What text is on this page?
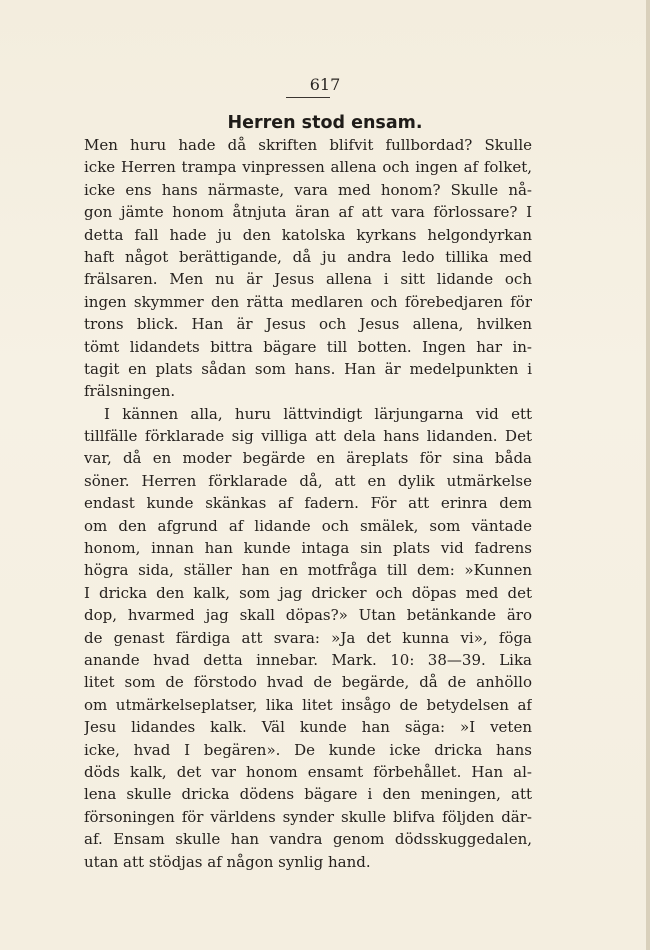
617
Herren stod ensam.
Men huru hade då skriften blifvit fullbordad? Skulle
icke Herren trampa vinpressen allena och ingen af folket,
icke ens hans närmaste, vara med honom? Skulle nå-
gon jämte honom åtnjuta äran af att vara förlossare? I
detta fall hade ju den katolska kyrkans helgondyrkan
haft något berättigande, då ju andra ledo tillika med
frälsaren. Men nu är Jesus allena i sitt lidande och
ingen skymmer den rätta medlaren och förebedjaren för
trons blick. Han är Jesus och Jesus allena, hvilken
tömt lidandets bittra bägare till botten. Ingen har in-
tagit en plats sådan som hans. Han är medelpunkten i
frälsningen.
I kännen alla, huru lättvindigt lärjungarna vid ett
tillfälle förklarade sig villiga att dela hans lidanden. Det
var, då en moder begärde en äreplats för sina båda
söner. Herren förklarade då, att en dylik utmärkelse
endast kunde skänkas af fadern. För att erinra dem
om den afgrund af lidande och smälek, som väntade
honom, innan han kunde intaga sin plats vid fadrens
högra sida, ställer han en motfråga till dem: »Kunnen
I dricka den kalk, som jag dricker och döpas med det
dop, hvarmed jag skall döpas?» Utan betänkande äro
de genast färdiga att svara: »Ja det kunna vi», föga
anande hvad detta innebar. Mark. 10: 38—39. Lika
litet som de förstodo hvad de begärde, då de anhöllo
om utmärkelseplatser, lika litet insågo de betydelsen af
Jesu lidandes kalk. Väl kunde han säga: »I veten
icke, hvad I begären». De kunde icke dricka hans
döds kalk, det var honom ensamt förbehållet. Han al-
lena skulle dricka dödens bägare i den meningen, att
försoningen för världens synder skulle blifva följden där-
af. Ensam skulle han vandra genom dödsskuggedalen,
utan att stödjas af någon synlig hand.
